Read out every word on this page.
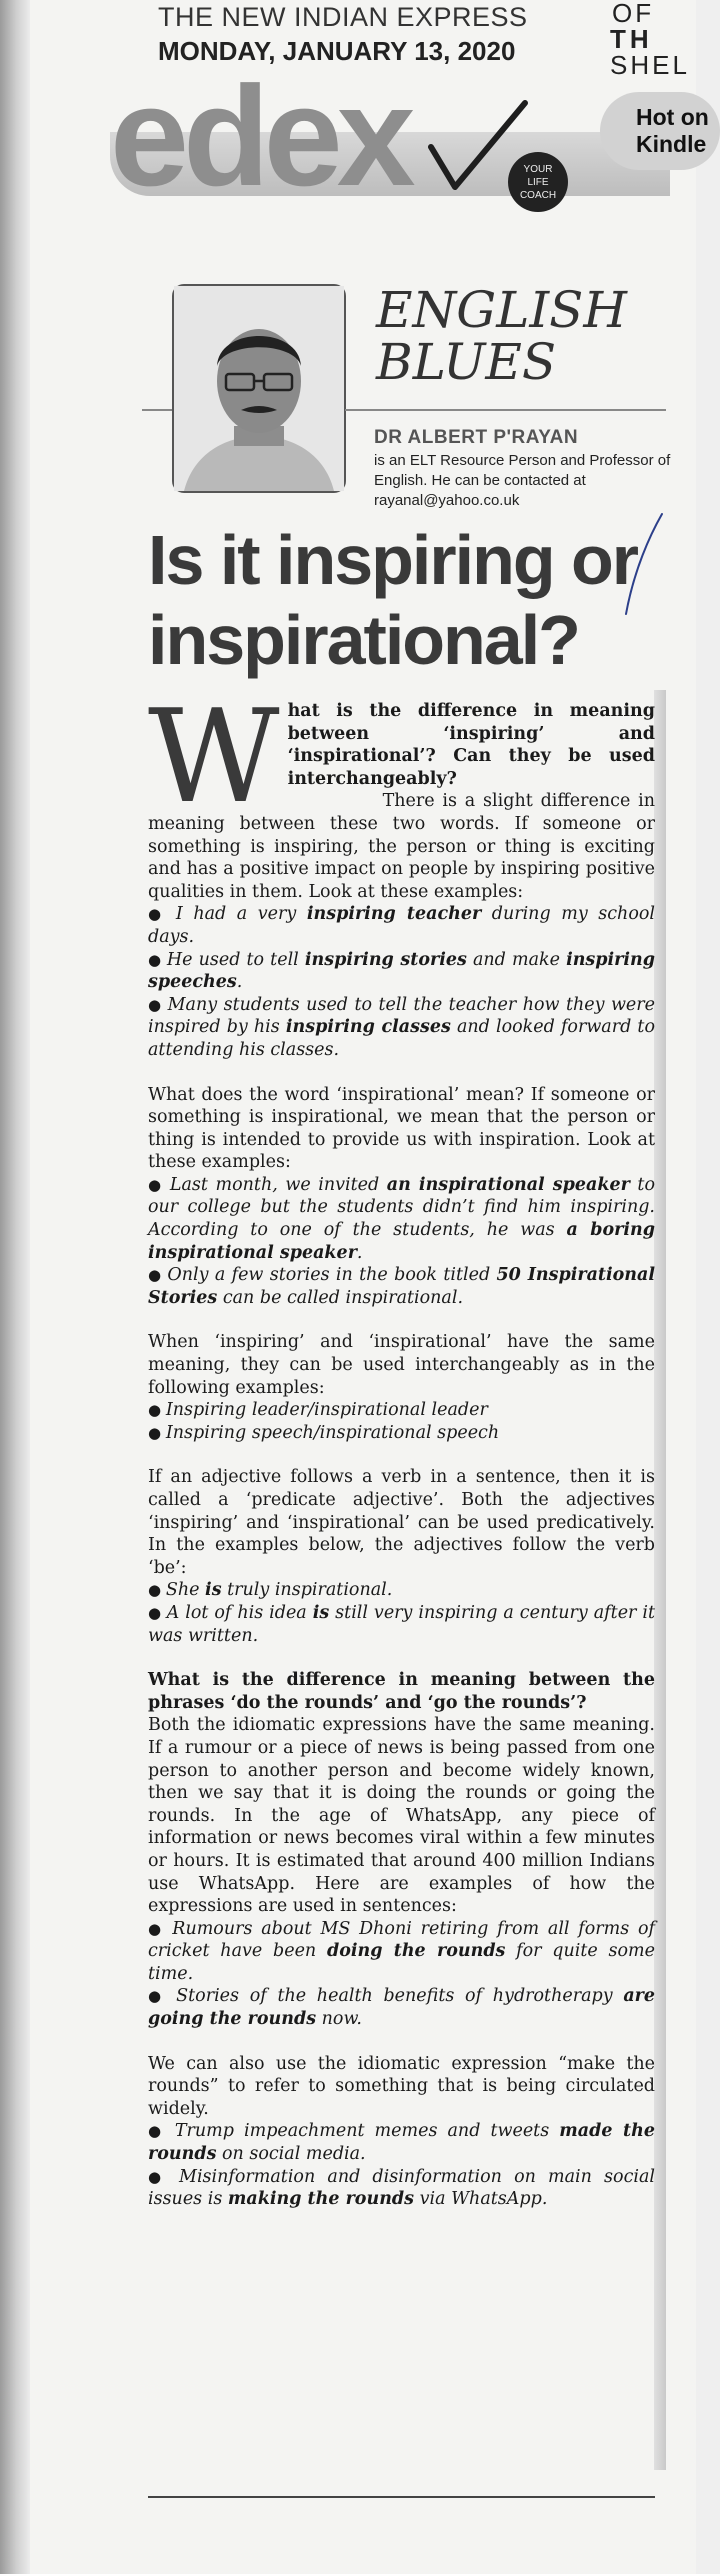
THE NEW INDIAN EXPRESS
MONDAY, JANUARY 13, 2020
OF
TH
SHEL
Hot on Kindle
edex	YOUR
LIFE
COACH
ENGLISH
BLUES
DR ALBERT P'RAYAN
is an ELT Resource Person and Professor of English. He can be contacted at rayanal@yahoo.co.uk
Is it inspiring or inspirational?

What is the difference in meaning between ‘inspiring’ and ‘inspirational’? Can they be used interchangeably?

There is a slight difference in meaning between these two words. If someone or something is inspiring, the person or thing is exciting and has a positive impact on people by inspiring positive qualities in them. Look at these examples:

● I had a very inspiring teacher during my school days.

● He used to tell inspiring stories and make inspiring speeches.

● Many students used to tell the teacher how they were inspired by his inspiring classes and looked forward to attending his classes.

What does the word ‘inspirational’ mean? If someone or something is inspirational, we mean that the person or thing is intended to provide us with inspiration. Look at these examples:

● Last month, we invited an inspirational speaker to our college but the students didn’t find him inspiring. According to one of the students, he was a boring inspirational speaker.

● Only a few stories in the book titled 50 Inspirational Stories can be called inspirational.

When ‘inspiring’ and ‘inspirational’ have the same meaning, they can be used interchangeably as in the following examples:

● Inspiring leader/inspirational leader

● Inspiring speech/inspirational speech

If an adjective follows a verb in a sentence, then it is called a ‘predicate adjective’. Both the adjectives ‘inspiring’ and ‘inspirational’ can be used predicatively. In the examples below, the adjectives follow the verb ‘be’:

● She is truly inspirational.

● A lot of his idea is still very inspiring a century after it was written.

What is the difference in meaning between the phrases ‘do the rounds’ and ‘go the rounds’?

Both the idiomatic expressions have the same meaning. If a rumour or a piece of news is being passed from one person to another person and become widely known, then we say that it is doing the rounds or going the rounds. In the age of WhatsApp, any piece of information or news becomes viral within a few minutes or hours. It is estimated that around 400 million Indians use WhatsApp. Here are examples of how the expressions are used in sentences:

● Rumours about MS Dhoni retiring from all forms of cricket have been doing the rounds for quite some time.

● Stories of the health benefits of hydrotherapy are going the rounds now.

We can also use the idiomatic expression “make the rounds” to refer to something that is being circulated widely.

● Trump impeachment memes and tweets made the rounds on social media.

● Misinformation and disinformation on main social issues is making the rounds via WhatsApp.
